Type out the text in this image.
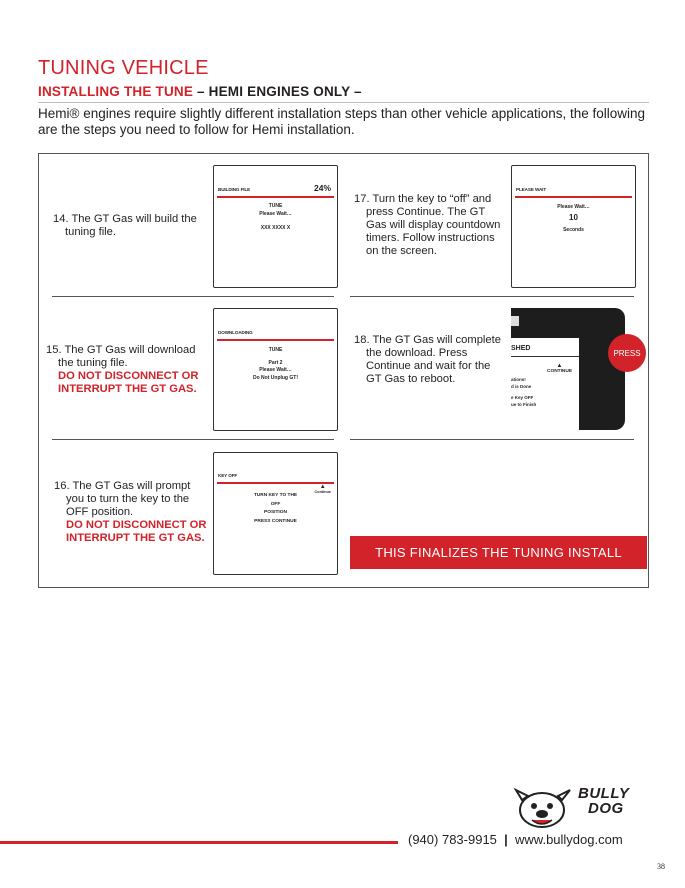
TUNING VEHICLE
INSTALLING THE TUNE – HEMI ENGINES ONLY –
Hemi® engines require slightly different installation steps than other vehicle applications, the following are the steps you need to follow for Hemi installation.
14. The GT Gas will build the
tuning file.
BUILDING FILE	24%
TUNE
Please Wait…
XXX XXXX X
15. The GT Gas will download
the tuning file.
DO NOT DISCONNECT OR
INTERRUPT THE GT GAS.
DOWNLOADING
TUNE
Part 2
Please Wait…
Do Not Unplug GT!
16. The GT Gas will prompt
you to turn the key to the
OFF position.
DO NOT DISCONNECT OR
INTERRUPT THE GT GAS.
KEY OFF
▲
Continue
TURN KEY TO THE
OFF
POSITION
PRESS CONTINUE
17. Turn the key to “off” and
press Continue. The GT
Gas will display countdown
timers. Follow instructions
on the screen.
PLEASE WAIT
Please Wait…
10
Seconds
18. The GT Gas will complete
the download. Press
Continue and wait for the
GT Gas to reboot.
SHED
ations!
d is Done
e Key OFF
ue to Finish
▲
CONTINUE
PRESS
THIS FINALIZES THE TUNING INSTALL
BULLY
DOG
(940) 783-9915 | www.bullydog.com
38
